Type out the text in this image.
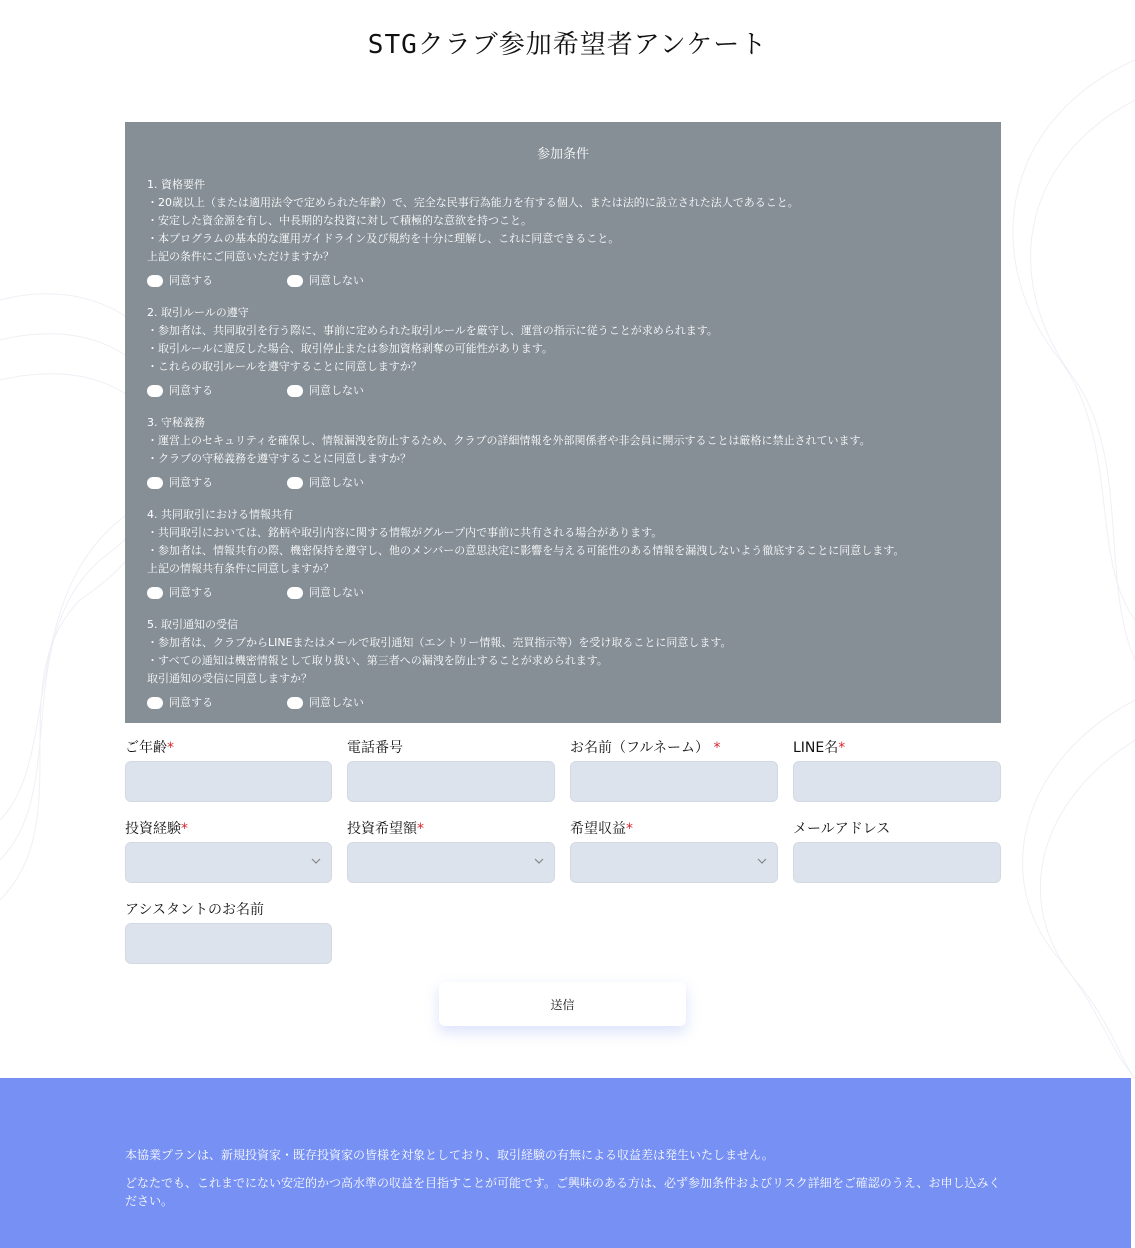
STGクラブ参加希望者アンケート
参加条件
1. 資格要件
・20歳以上（または適用法令で定められた年齢）で、完全な民事行為能力を有する個人、または法的に設立された法人であること。
・安定した資金源を有し、中長期的な投資に対して積極的な意欲を持つこと。
・本プログラムの基本的な運用ガイドライン及び規約を十分に理解し、これに同意できること。
上記の条件にご同意いただけますか？
同意する	同意しない
2. 取引ルールの遵守
・参加者は、共同取引を行う際に、事前に定められた取引ルールを厳守し、運営の指示に従うことが求められます。
・取引ルールに違反した場合、取引停止または参加資格剥奪の可能性があります。
・これらの取引ルールを遵守することに同意しますか？
同意する	同意しない
3. 守秘義務
・運営上のセキュリティを確保し、情報漏洩を防止するため、クラブの詳細情報を外部関係者や非会員に開示することは厳格に禁止されています。
・クラブの守秘義務を遵守することに同意しますか？
同意する	同意しない
4. 共同取引における情報共有
・共同取引においては、銘柄や取引内容に関する情報がグループ内で事前に共有される場合があります。
・参加者は、情報共有の際、機密保持を遵守し、他のメンバーの意思決定に影響を与える可能性のある情報を漏洩しないよう徹底することに同意します。
上記の情報共有条件に同意しますか？
同意する	同意しない
5. 取引通知の受信
・参加者は、クラブからLINEまたはメールで取引通知（エントリー情報、売買指示等）を受け取ることに同意します。
・すべての通知は機密情報として取り扱い、第三者への漏洩を防止することが求められます。
取引通知の受信に同意しますか？
同意する	同意しない
ご年齢*	電話番号	お名前（フルネーム） *	LINE名*
投資経験*	投資希望額*	希望収益*	メールアドレス
アシスタントのお名前
送信
本協業プランは、新規投資家・既存投資家の皆様を対象としており、取引経験の有無による収益差は発生いたしません。
どなたでも、これまでにない安定的かつ高水準の収益を目指すことが可能です。ご興味のある方は、必ず参加条件およびリスク詳細をご確認のうえ、お申し込みください。
